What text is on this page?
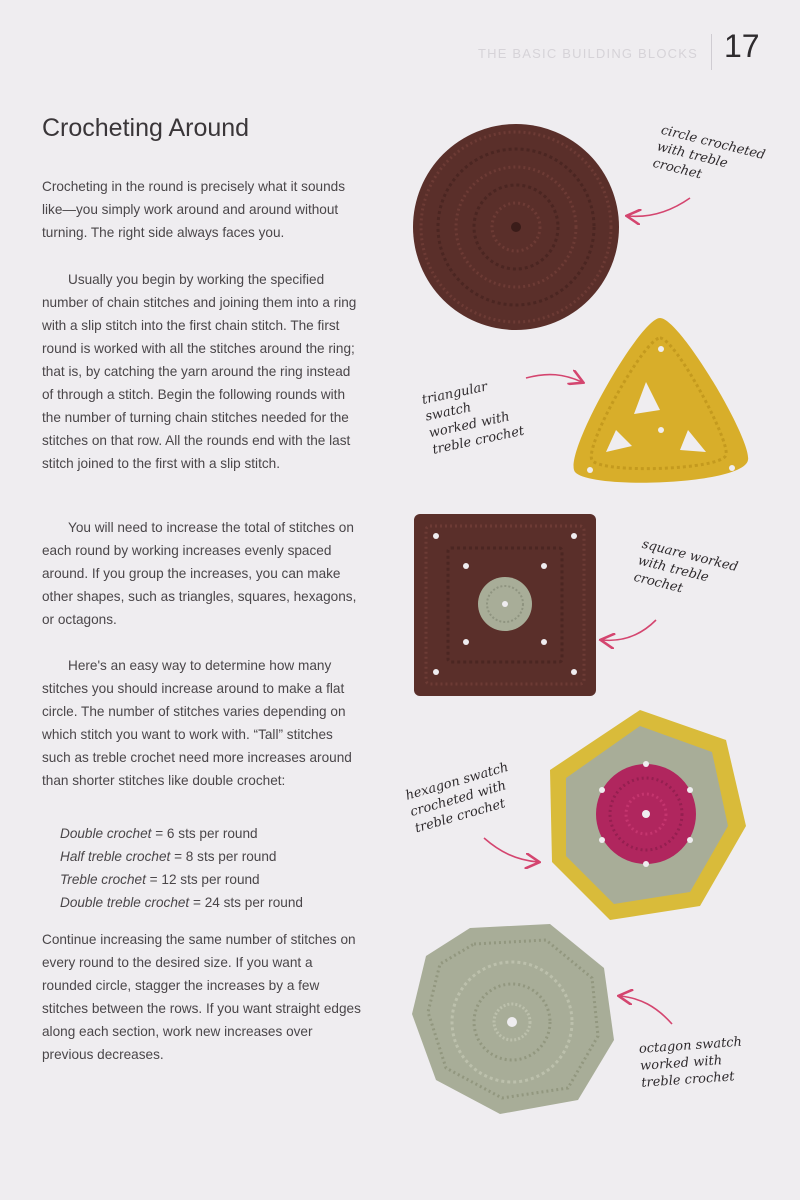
THE BASIC BUILDING BLOCKS 17
Crocheting Around

Crocheting in the round is precisely what it sounds like—you simply work around and around without turning. The right side always faces you.

Usually you begin by working the specified number of chain stitches and joining them into a ring with a slip stitch into the first chain stitch. The first round is worked with all the stitches around the ring; that is, by catching the yarn around the ring instead of through a stitch. Begin the following rounds with the number of turning chain stitches needed for the stitches on that row. All the rounds end with the last stitch joined to the first with a slip stitch.

You will need to increase the total of stitches on each round by working increases evenly spaced around. If you group the increases, you can make other shapes, such as triangles, squares, hexagons, or octagons.

Here's an easy way to determine how many stitches you should increase around to make a flat circle. The number of stitches varies depending on which stitch you want to work with. “Tall” stitches such as treble crochet need more increases around than shorter stitches like double crochet:

Double crochet = 6 sts per round
Half treble crochet = 8 sts per round
Treble crochet = 12 sts per round
Double treble crochet = 24 sts per round

Continue increasing the same number of stitches on every round to the desired size. If you want a rounded circle, stagger the increases by a few stitches between the rows. If you want straight edges along each section, work new increases over previous decreases.

circle crocheted
with treble
crochet
triangular
swatch
worked with
treble crochet
square worked
with treble
crochet
hexagon swatch
crocheted with
treble crochet
octagon swatch
worked with
treble crochet
